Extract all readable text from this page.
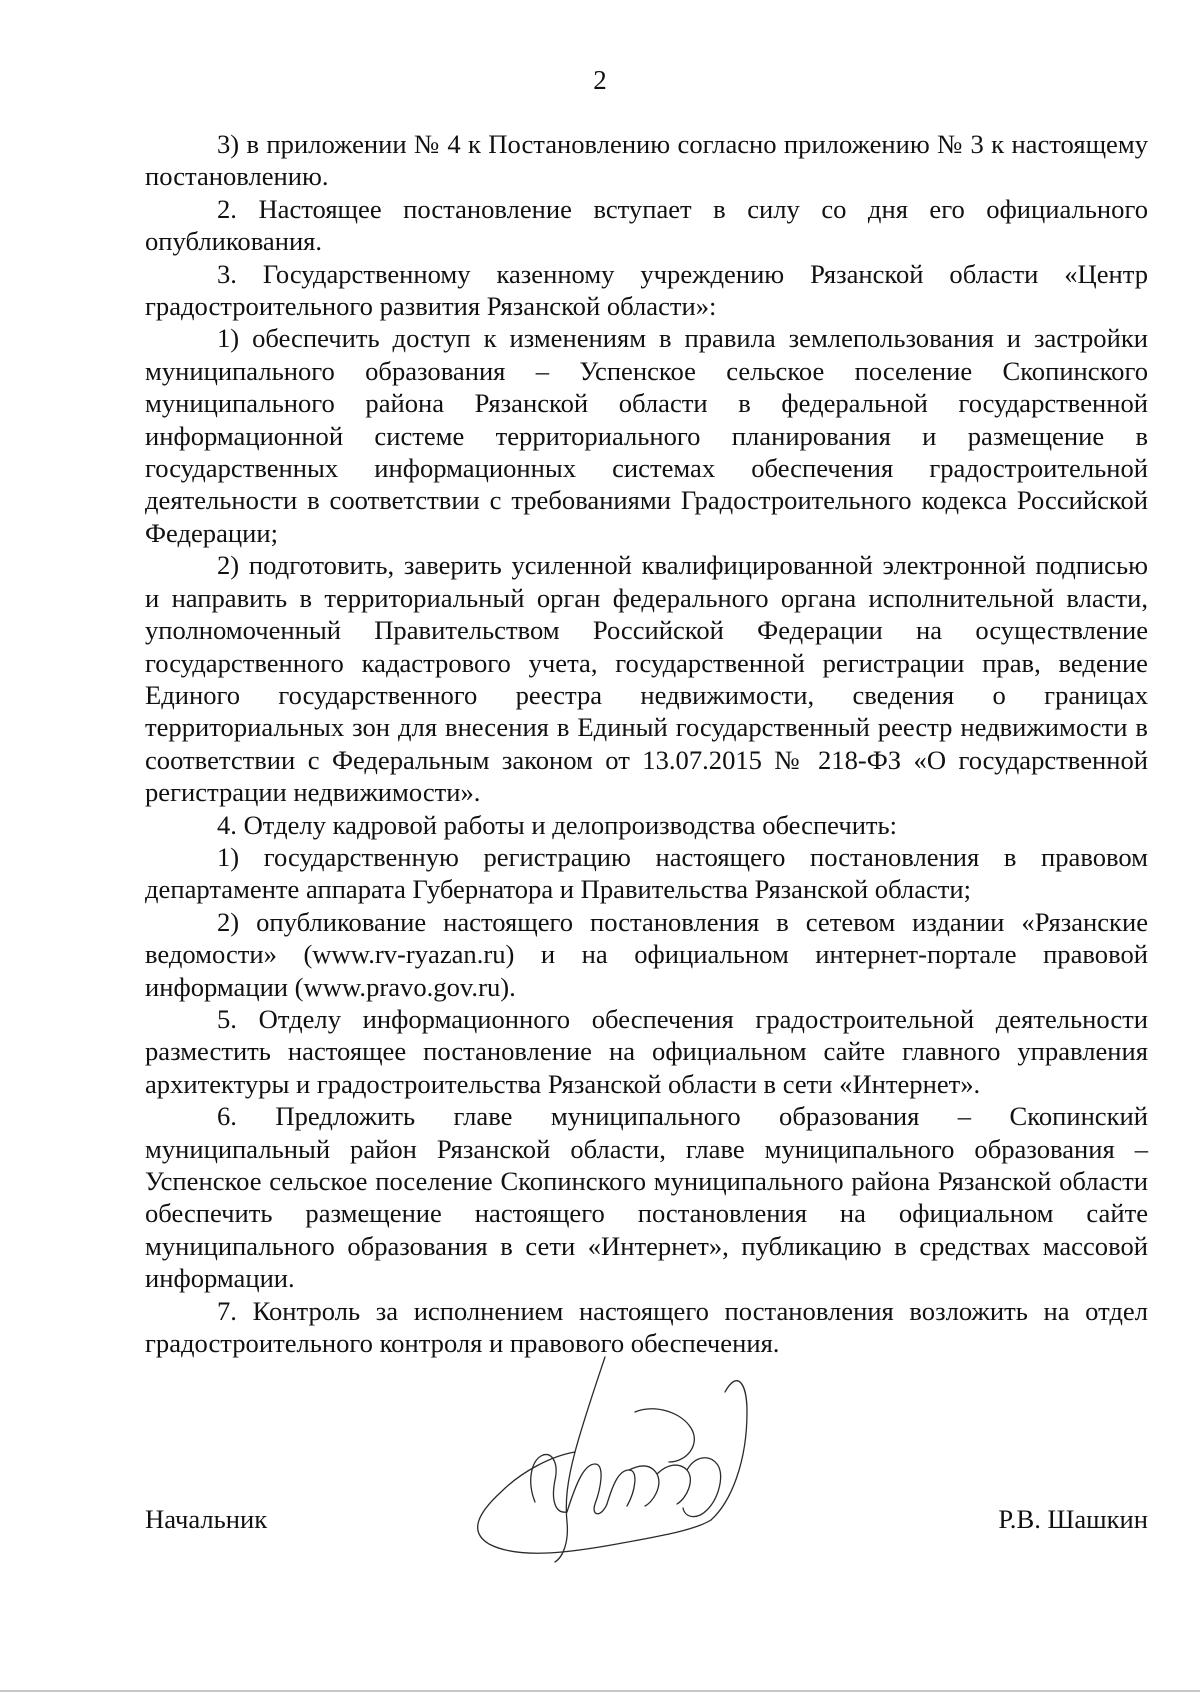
2

3) в приложении № 4 к Постановлению согласно приложению № 3 к настоящему постановлению.

2. Настоящее постановление вступает в силу со дня его официального опубликования.

3. Государственному казенному учреждению Рязанской области «Центр градостроительного развития Рязанской области»:

1) обеспечить доступ к изменениям в правила землепользования и застройки муниципального образования – Успенское сельское поселение Скопинского муниципального района Рязанской области в федеральной государственной информационной системе территориального планирования и размещение в государственных информационных системах обеспечения градостроительной деятельности в соответствии с требованиями Градостроительного кодекса Российской Федерации;

2) подготовить, заверить усиленной квалифицированной электронной подписью и направить в территориальный орган федерального органа исполнительной власти, уполномоченный Правительством Российской Федерации на осуществление государственного кадастрового учета, государственной регистрации прав, ведение Единого государственного реестра недвижимости, сведения о границах территориальных зон для внесения в Единый государственный реестр недвижимости в соответствии с Федеральным законом от 13.07.2015 № 218-ФЗ «О государственной регистрации недвижимости».

4. Отделу кадровой работы и делопроизводства обеспечить:

1) государственную регистрацию настоящего постановления в правовом департаменте аппарата Губернатора и Правительства Рязанской области;

2) опубликование настоящего постановления в сетевом издании «Рязанские ведомости» (www.rv-ryazan.ru) и на официальном интернет-портале правовой информации (www.pravo.gov.ru).

5. Отделу информационного обеспечения градостроительной деятельности разместить настоящее постановление на официальном сайте главного управления архитектуры и градостроительства Рязанской области в сети «Интернет».

6. Предложить главе муниципального образования – Скопинский муниципальный район Рязанской области, главе муниципального образования – Успенское сельское поселение Скопинского муниципального района Рязанской области обеспечить размещение настоящего постановления на официальном сайте муниципального образования в сети «Интернет», публикацию в средствах массовой информации.

7. Контроль за исполнением настоящего постановления возложить на отдел градостроительного контроля и правового обеспечения.

Начальник	Р.В. Шашкин
